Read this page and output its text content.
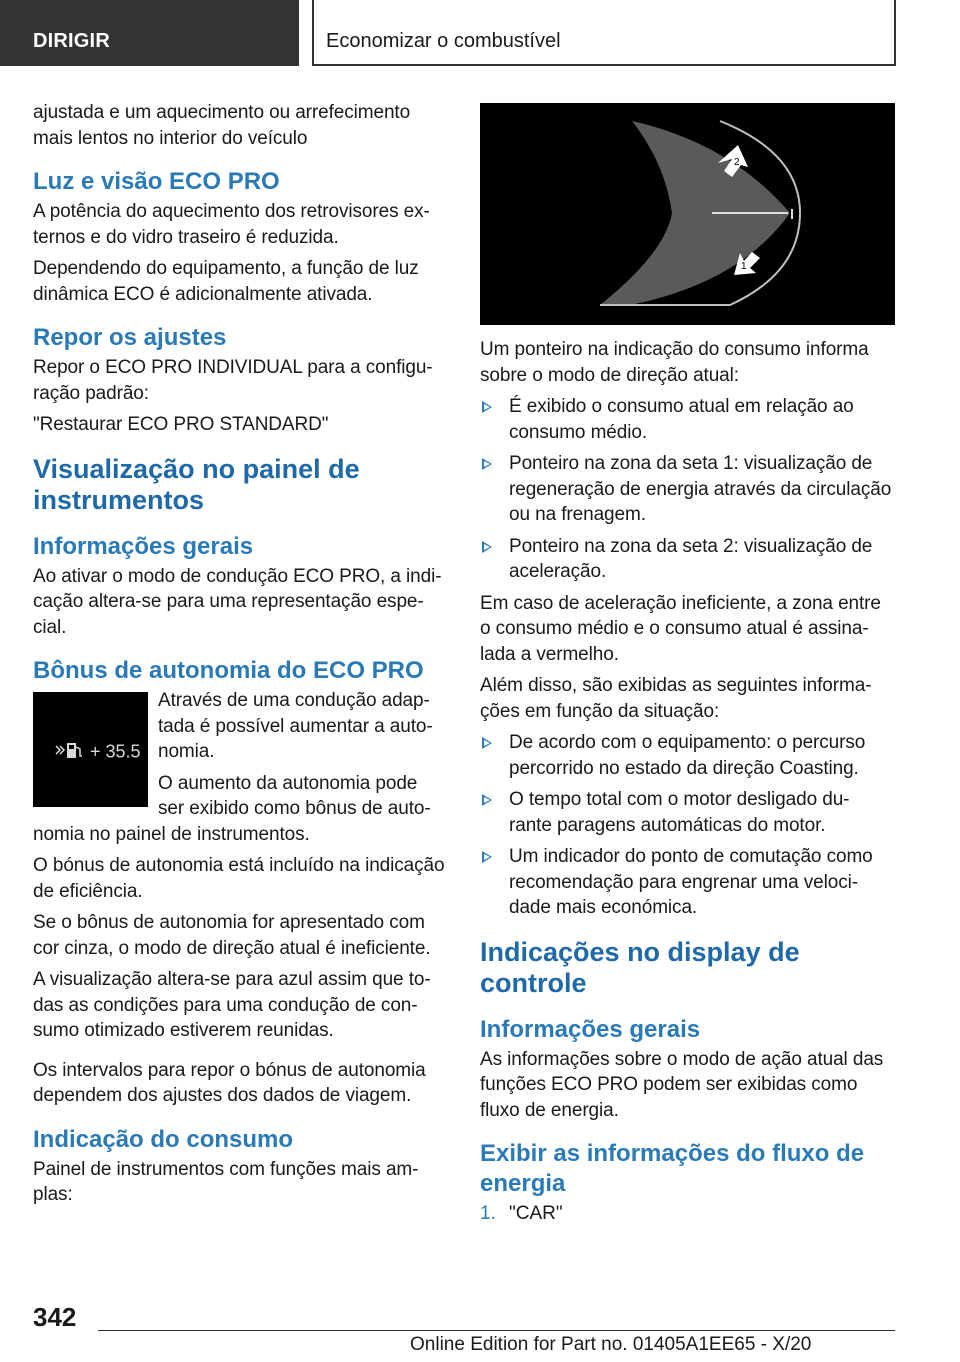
DIRIGIR	Economizar o combustível

ajustada e um aquecimento ou arrefecimento mais lentos no interior do veículo

Luz e visão ECO PRO

A potência do aquecimento dos retrovisores ex- ternos e do vidro traseiro é reduzida.

Dependendo do equipamento, a função de luz dinâmica ECO é adicionalmente ativada.

Repor os ajustes

Repor o ECO PRO INDIVIDUAL para a configu- ração padrão:

"Restaurar ECO PRO STANDARD"

Visualização no painel de instrumentos
Informações gerais

Ao ativar o modo de condução ECO PRO, a indi- cação altera-se para uma representação espe- cial.

Bônus de autonomia do ECO PRO
+ 35.5

Através de uma condução adap- tada é possível aumentar a auto- nomia.

O aumento da autonomia pode ser exibido como bônus de auto- nomia no painel de instrumentos.

O bónus de autonomia está incluído na indicação de eficiência.

Se o bônus de autonomia for apresentado com cor cinza, o modo de direção atual é ineficiente.

A visualização altera-se para azul assim que to- das as condições para uma condução de con- sumo otimizado estiverem reunidas.

Os intervalos para repor o bónus de autonomia dependem dos ajustes dos dados de viagem.

Indicação do consumo

Painel de instrumentos com funções mais am- plas:

2
1

Um ponteiro na indicação do consumo informa sobre o modo de direção atual:

É exibido o consumo atual em relação ao consumo médio.
Ponteiro na zona da seta 1: visualização de regeneração de energia através da circulação ou na frenagem.
Ponteiro na zona da seta 2: visualização de aceleração.

Em caso de aceleração ineficiente, a zona entre o consumo médio e o consumo atual é assina- lada a vermelho.

Além disso, são exibidas as seguintes informa- ções em função da situação:

De acordo com o equipamento: o percurso percorrido no estado da direção Coasting.
O tempo total com o motor desligado du- rante paragens automáticas do motor.
Um indicador do ponto de comutação como recomendação para engrenar uma veloci- dade mais económica.
Indicações no display de controle
Informações gerais

As informações sobre o modo de ação atual das funções ECO PRO podem ser exibidas como fluxo de energia.

Exibir as informações do fluxo de energia
1. "CAR"
342
Online Edition for Part no. 01405A1EE65 - X/20
